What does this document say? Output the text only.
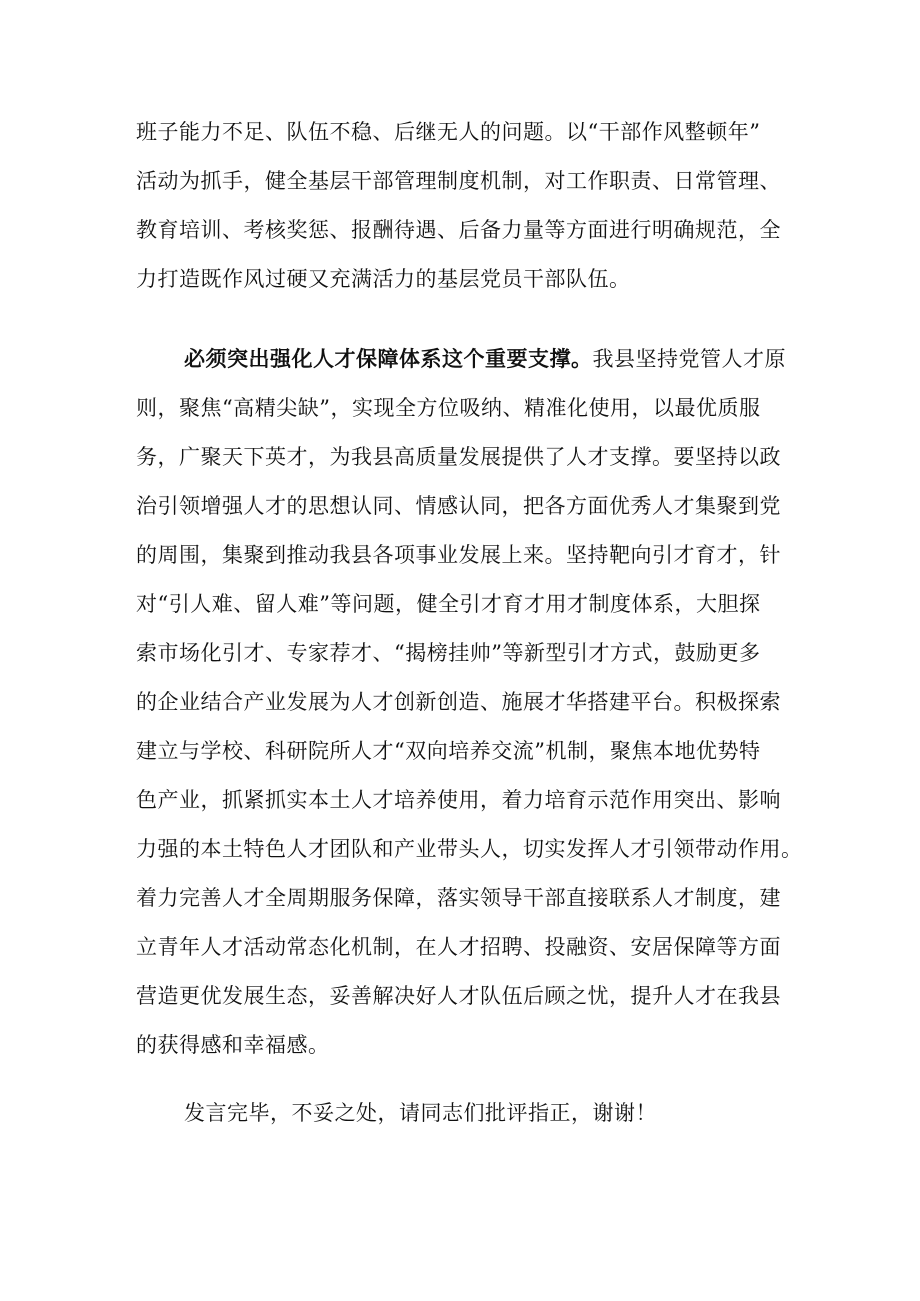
班子能力不足、队伍不稳、后继无人的问题。以“干部作风整顿年”
活动为抓手，健全基层干部管理制度机制，对工作职责、日常管理、
教育培训、考核奖惩、报酬待遇、后备力量等方面进行明确规范，全
力打造既作风过硬又充满活力的基层党员干部队伍。
必须突出强化人才保障体系这个重要支撑。我县坚持党管人才原
则，聚焦“高精尖缺”，实现全方位吸纳、精准化使用，以最优质服
务，广聚天下英才，为我县高质量发展提供了人才支撑。要坚持以政
治引领增强人才的思想认同、情感认同，把各方面优秀人才集聚到党
的周围，集聚到推动我县各项事业发展上来。坚持靶向引才育才，针
对“引人难、留人难”等问题，健全引才育才用才制度体系，大胆探
索市场化引才、专家荐才、“揭榜挂帅”等新型引才方式，鼓励更多
的企业结合产业发展为人才创新创造、施展才华搭建平台。积极探索
建立与学校、科研院所人才“双向培养交流”机制，聚焦本地优势特
色产业，抓紧抓实本土人才培养使用，着力培育示范作用突出、影响
力强的本土特色人才团队和产业带头人，切实发挥人才引领带动作用。
着力完善人才全周期服务保障，落实领导干部直接联系人才制度，建
立青年人才活动常态化机制，在人才招聘、投融资、安居保障等方面
营造更优发展生态，妥善解决好人才队伍后顾之忧，提升人才在我县
的获得感和幸福感。
发言完毕，不妥之处，请同志们批评指正，谢谢！
